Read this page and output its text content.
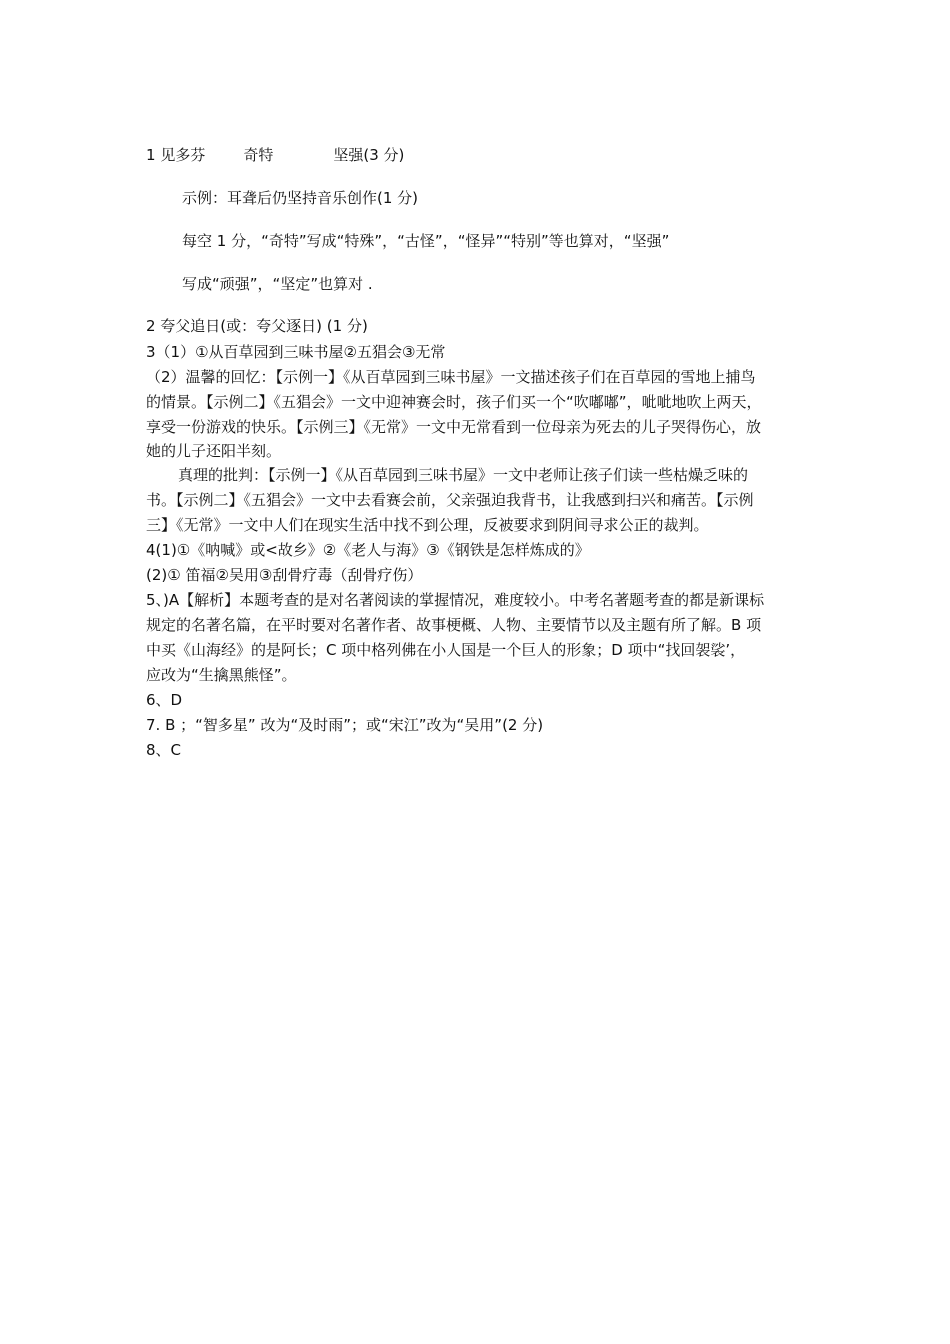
1 见多芬	奇特	坚强(3 分)
示例：耳聋后仍坚持音乐创作(1 分)
每空 1 分，“奇特”写成“特殊”，“古怪”，“怪异”“特别”等也算对，“坚强”
写成“顽强”，“坚定”也算对 .
2 夸父追日(或：夸父逐日) (1 分)
3（1）①从百草园到三味书屋②五猖会③无常
（2）温馨的回忆：【示例一】《从百草园到三味书屋》一文描述孩子们在百草园的雪地上捕鸟
的情景。【示例二】《五猖会》一文中迎神赛会时，孩子们买一个“吹嘟嘟”，呲呲地吹上两天，
享受一份游戏的快乐。【示例三】《无常》一文中无常看到一位母亲为死去的儿子哭得伤心，放
她的儿子还阳半刻。
真理的批判：【示例一】《从百草园到三味书屋》一文中老师让孩子们读一些枯燥乏味的
书。【示例二】《五猖会》一文中去看赛会前，父亲强迫我背书，让我感到扫兴和痛苦。【示例
三】《无常》一文中人们在现实生活中找不到公理，反被要求到阴间寻求公正的裁判。
4(1)①《呐喊》或<故乡》②《老人与海》③《钢铁是怎样炼成的》
(2)① 笛福②吴用③刮骨疗毒（刮骨疗伤）
5、)A【解析】本题考查的是对名著阅读的掌握情况，难度较小。中考名著题考查的都是新课标
规定的名著名篇，在平时要对名著作者、故事梗概、人物、主要情节以及主题有所了解。B 项
中买《山海经》的是阿长；C 项中格列佛在小人国是一个巨人的形象；D 项中“找回袈裟’，
应改为“生擒黑熊怪”。
6、D
7. B ；“智多星” 改为“及时雨”；或“宋江”改为“吴用”(2 分)
8、C
